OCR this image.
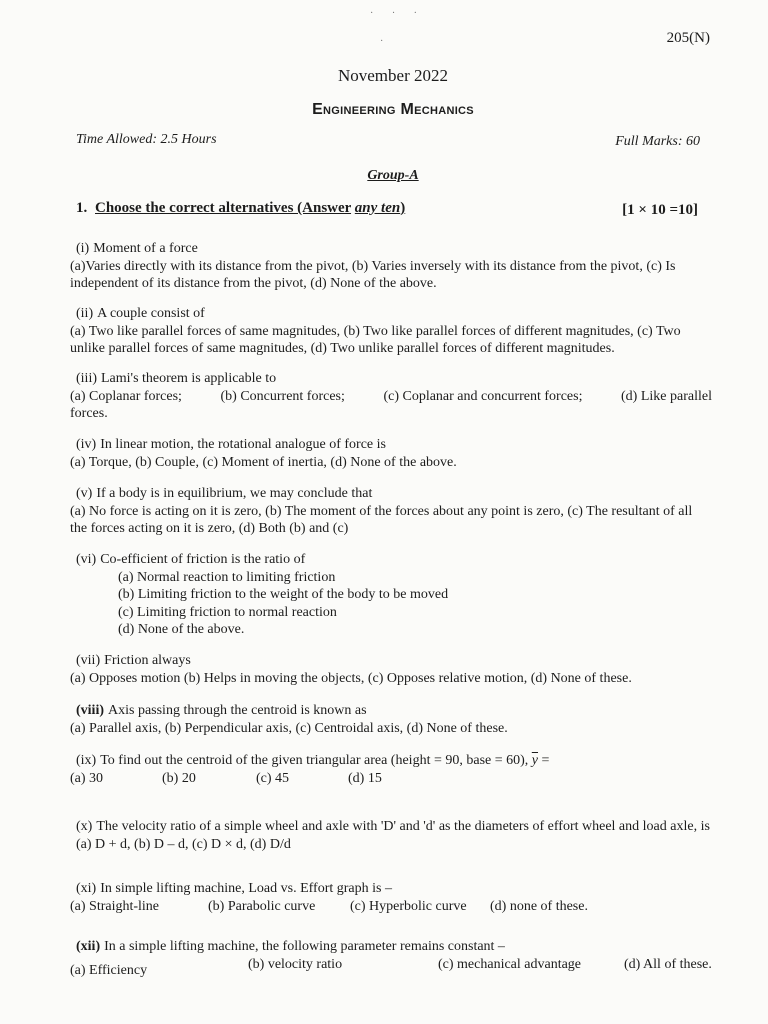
· · ·
·	205(N)
November 2022
Engineering Mechanics
Time Allowed: 2.5 Hours	Full Marks: 60
Group-A
1. Choose the correct alternatives (Answer any ten)	[1 × 10 =10]
(i) Moment of a force
(a)Varies directly with its distance from the pivot, (b) Varies inversely with its distance from the pivot, (c) Is independent of its distance from the pivot, (d) None of the above.
(ii) A couple consist of
(a) Two like parallel forces of same magnitudes, (b) Two like parallel forces of different magnitudes, (c) Two unlike parallel forces of same magnitudes, (d) Two unlike parallel forces of different magnitudes.
(iii) Lami's theorem is applicable to
(a) Coplanar forces;	(b) Concurrent forces;	(c) Coplanar and concurrent forces;	(d) Like parallel
forces.
(iv) In linear motion, the rotational analogue of force is
(a) Torque, (b) Couple, (c) Moment of inertia, (d) None of the above.
(v) If a body is in equilibrium, we may conclude that
(a) No force is acting on it is zero, (b) The moment of the forces about any point is zero, (c) The resultant of all the forces acting on it is zero, (d) Both (b) and (c)
(vi) Co-efficient of friction is the ratio of
(a) Normal reaction to limiting friction
(b) Limiting friction to the weight of the body to be moved
(c) Limiting friction to normal reaction
(d) None of the above.
(vii) Friction always
(a) Opposes motion (b) Helps in moving the objects, (c) Opposes relative motion, (d) None of these.
(viii) Axis passing through the centroid is known as
(a) Parallel axis, (b) Perpendicular axis, (c) Centroidal axis, (d) None of these.
(ix) To find out the centroid of the given triangular area (height = 90, base = 60), $\overline{y}$ =
(a) 30	(b) 20	(c) 45	(d) 15
(x) The velocity ratio of a simple wheel and axle with 'D' and 'd' as the diameters of effort wheel and load axle, is (a) D + d, (b) D – d, (c) D × d, (d) D/d
(xi) In simple lifting machine, Load vs. Effort graph is –
(a) Straight-line	(b) Parabolic curve	(c) Hyperbolic curve	(d) none of these.
(xii) In a simple lifting machine, the following parameter remains constant –
(a) Efficiency	(b) velocity ratio	(c) mechanical advantage	(d) All of these.
